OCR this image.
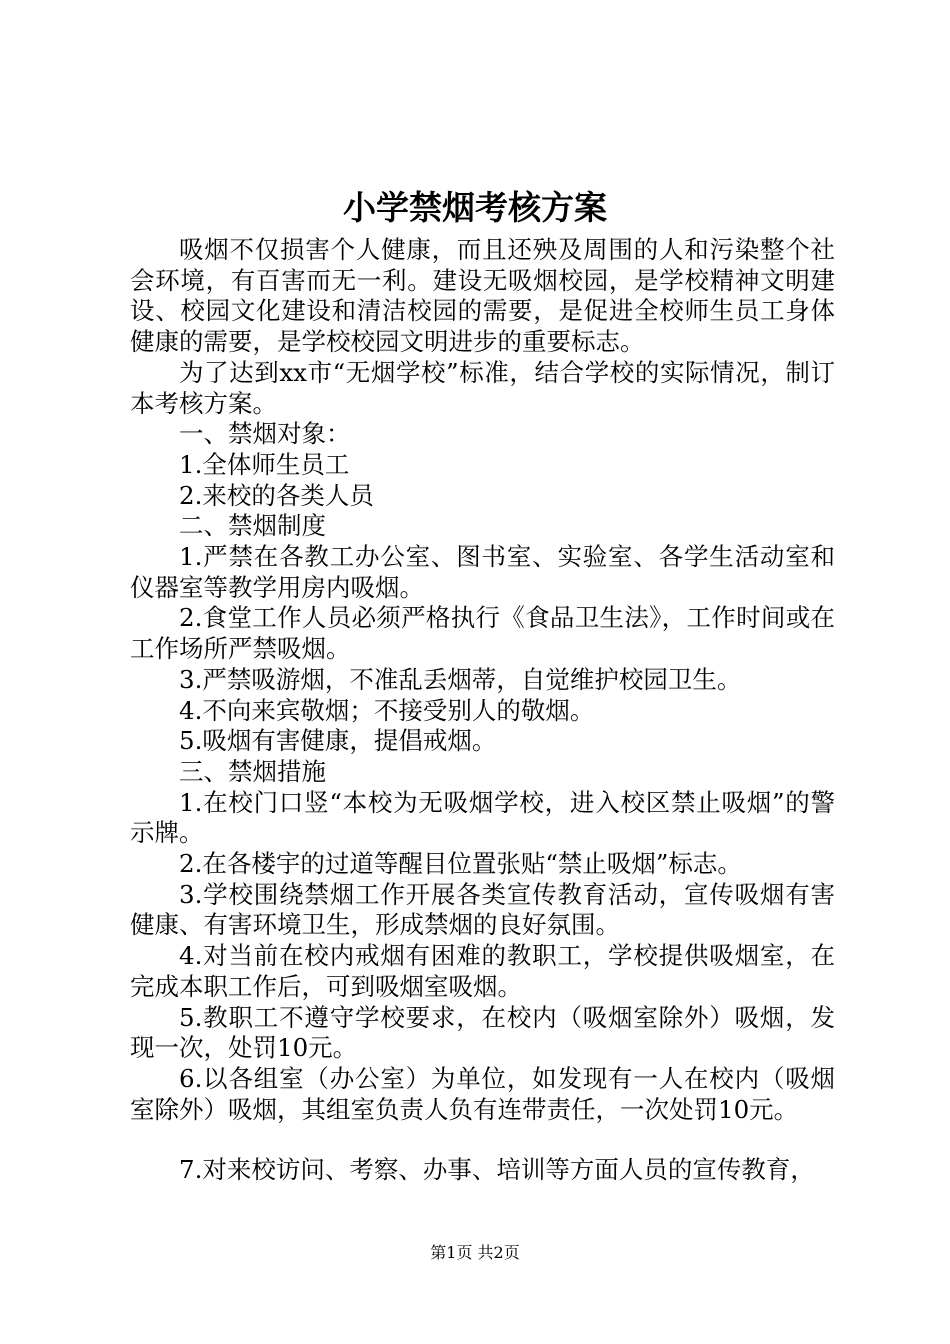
小学禁烟考核方案

吸烟不仅损害个人健康，而且还殃及周围的人和污染整个社会环境，有百害而无一利。建设无吸烟校园，是学校精神文明建设、校园文化建设和清洁校园的需要，是促进全校师生员工身体健康的需要，是学校校园文明进步的重要标志。

为了达到xx市“无烟学校”标准，结合学校的实际情况，制订本考核方案。

一、禁烟对象：

1.全体师生员工

2.来校的各类人员

二、禁烟制度

1.严禁在各教工办公室、图书室、实验室、各学生活动室和仪器室等教学用房内吸烟。

2.食堂工作人员必须严格执行《食品卫生法》，工作时间或在工作场所严禁吸烟。

3.严禁吸游烟，不准乱丢烟蒂，自觉维护校园卫生。

4.不向来宾敬烟；不接受别人的敬烟。

5.吸烟有害健康，提倡戒烟。

三、禁烟措施

1.在校门口竖“本校为无吸烟学校，进入校区禁止吸烟”的警示牌。

2.在各楼宇的过道等醒目位置张贴“禁止吸烟”标志。

3.学校围绕禁烟工作开展各类宣传教育活动，宣传吸烟有害健康、有害环境卫生，形成禁烟的良好氛围。

4.对当前在校内戒烟有困难的教职工，学校提供吸烟室，在完成本职工作后，可到吸烟室吸烟。

5.教职工不遵守学校要求，在校内（吸烟室除外）吸烟，发现一次，处罚10元。

6.以各组室（办公室）为单位，如发现有一人在校内（吸烟室除外）吸烟，其组室负责人负有连带责任，一次处罚10元。

7.对来校访问、考察、办事、培训等方面人员的宣传教育，

第1页 共2页
